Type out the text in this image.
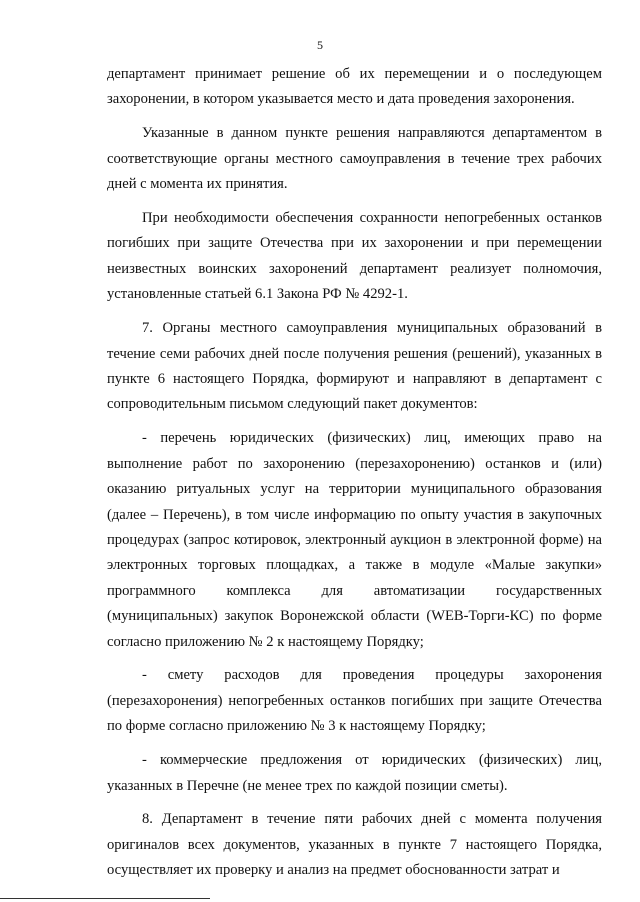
5

департамент принимает решение об их перемещении и о последующем захоронении, в котором указывается место и дата проведения захоронения.

Указанные в данном пункте решения направляются департаментом в соответствующие органы местного самоуправления в течение трех рабочих дней с момента их принятия.

При необходимости обеспечения сохранности непогребенных останков погибших при защите Отечества при их захоронении и при перемещении неизвестных воинских захоронений департамент реализует полномочия, установленные статьей 6.1 Закона РФ № 4292-1.

7. Органы местного самоуправления муниципальных образований в течение семи рабочих дней после получения решения (решений), указанных в пункте 6 настоящего Порядка, формируют и направляют в департамент с сопроводительным письмом следующий пакет документов:

- перечень юридических (физических) лиц, имеющих право на выполнение работ по захоронению (перезахоронению) останков и (или) оказанию ритуальных услуг на территории муниципального образования (далее – Перечень), в том числе информацию по опыту участия в закупочных процедурах (запрос котировок, электронный аукцион в электронной форме) на электронных торговых площадках, а также в модуле «Малые закупки» программного комплекса для автоматизации государственных (муниципальных) закупок Воронежской области (WEB-Торги-КС) по форме согласно приложению № 2 к настоящему Порядку;

- смету расходов для проведения процедуры захоронения (перезахоронения) непогребенных останков погибших при защите Отечества по форме согласно приложению № 3 к настоящему Порядку;

- коммерческие предложения от юридических (физических) лиц, указанных в Перечне (не менее трех по каждой позиции сметы).

8. Департамент в течение пяти рабочих дней с момента получения оригиналов всех документов, указанных в пункте 7 настоящего Порядка, осуществляет их проверку и анализ на предмет обоснованности затрат и
